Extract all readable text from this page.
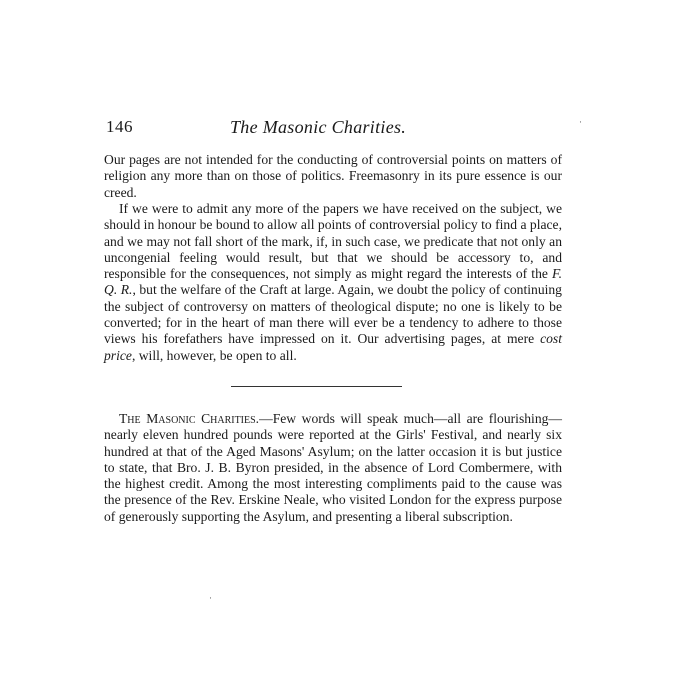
146	The Masonic Charities.	·

Our pages are not intended for the conducting of controversial points on matters of religion any more than on those of politics. Freemasonry in its pure essence is our creed.

If we were to admit any more of the papers we have received on the subject, we should in honour be bound to allow all points of controversial policy to find a place, and we may not fall short of the mark, if, in such case, we predicate that not only an uncongenial feeling would result, but that we should be accessory to, and responsible for the consequences, not simply as might regard the interests of the F. Q. R., but the welfare of the Craft at large. Again, we doubt the policy of continuing the subject of controversy on matters of theological dispute; no one is likely to be converted; for in the heart of man there will ever be a tendency to adhere to those views his forefathers have impressed on it. Our advertising pages, at mere cost price, will, however, be open to all.

The Masonic Charities.—Few words will speak much—all are flourishing—nearly eleven hundred pounds were reported at the Girls' Festival, and nearly six hundred at that of the Aged Masons' Asylum; on the latter occasion it is but justice to state, that Bro. J. B. Byron presided, in the absence of Lord Combermere, with the highest credit. Among the most interesting compliments paid to the cause was the presence of the Rev. Erskine Neale, who visited London for the express purpose of generously supporting the Asylum, and presenting a liberal subscription.

·
